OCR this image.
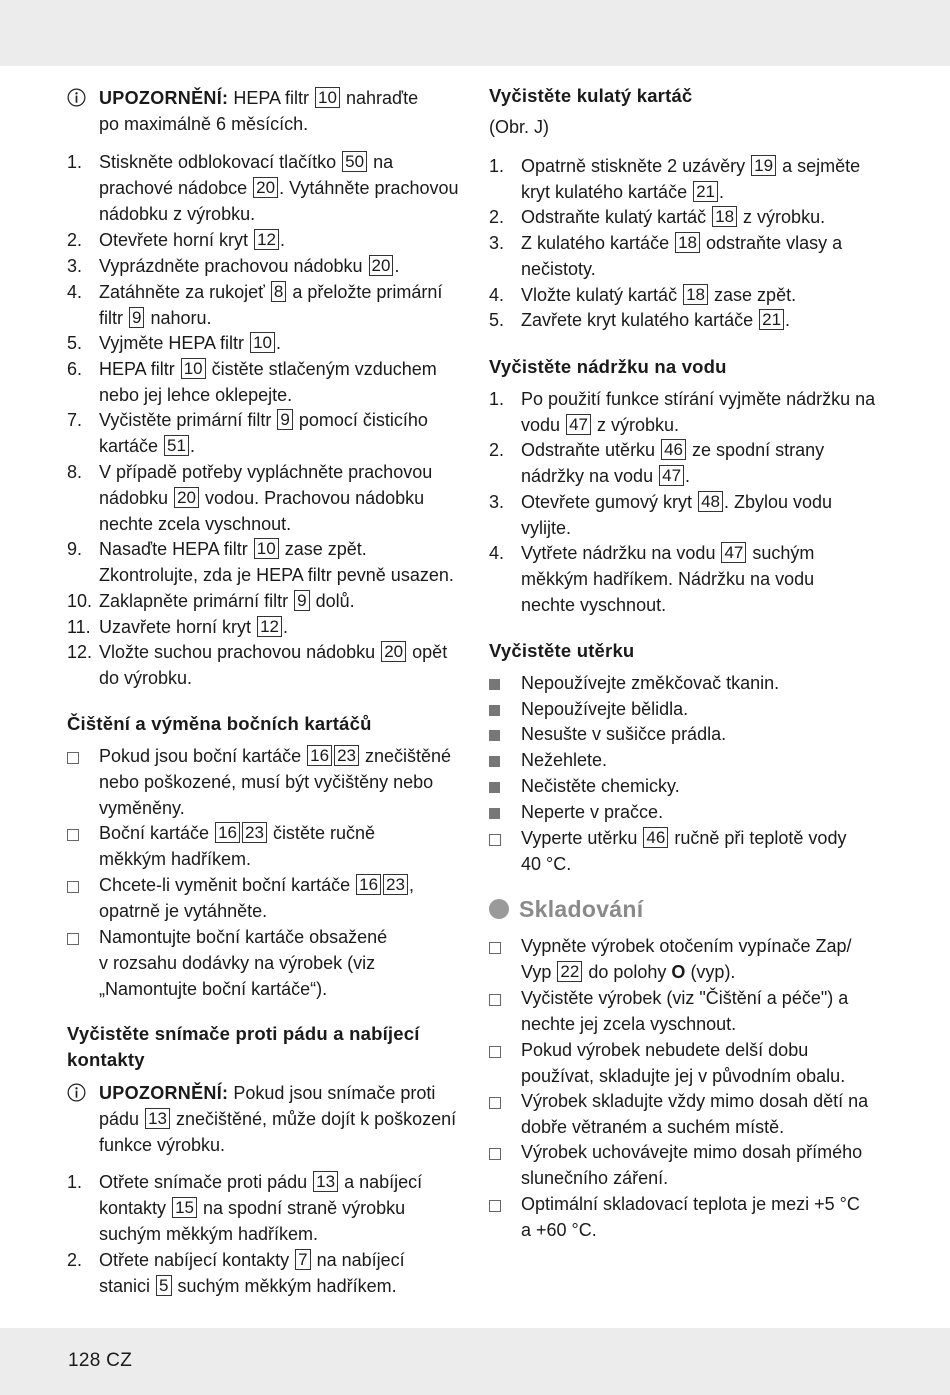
UPOZORNĚNÍ: HEPA filtr 10 nahraďte
po maximálně 6 měsících.
1. Stiskněte odblokovací tlačítko 50 na
prachové nádobce 20 . Vytáhněte prachovou
nádobku z výrobku.
2. Otevřete horní kryt 12 .
3. Vyprázdněte prachovou nádobku 20 .
4. Zatáhněte za rukojeť 8 a přeložte primární
filtr 9 nahoru.
5. Vyjměte HEPA filtr 10 .
6. HEPA filtr 10 čistěte stlačeným vzduchem
nebo jej lehce oklepejte.
7. Vyčistěte primární filtr 9 pomocí čisticího
kartáče 51 .
8. V případě potřeby vypláchněte prachovou
nádobku 20 vodou. Prachovou nádobku
nechte zcela vyschnout.
9. Nasaďte HEPA filtr 10 zase zpět.
Zkontrolujte, zda je HEPA filtr pevně usazen.
10. Zaklapněte primární filtr 9 dolů.
11. Uzavřete horní kryt 12 .
12. Vložte suchou prachovou nádobku 20 opět
do výrobku.
Čištění a výměna bočních kartáčů
Pokud jsou boční kartáče 16 23 znečištěné
nebo poškozené, musí být vyčištěny nebo
vyměněny.
Boční kartáče 16 23 čistěte ručně
měkkým hadříkem.
Chcete-li vyměnit boční kartáče 16 23 ,
opatrně je vytáhněte.
Namontujte boční kartáče obsažené
v rozsahu dodávky na výrobek (viz
„Namontujte boční kartáče“).
Vyčistěte snímače proti pádu a nabíjecí
kontakty
UPOZORNĚNÍ: Pokud jsou snímače proti
pádu 13 znečištěné, může dojít k poškození
funkce výrobku.
1. Otřete snímače proti pádu 13 a nabíjecí
kontakty 15 na spodní straně výrobku
suchým měkkým hadříkem.
2. Otřete nabíjecí kontakty 7 na nabíjecí
stanici 5 suchým měkkým hadříkem.
Vyčistěte kulatý kartáč
(Obr. J)
1. Opatrně stiskněte 2 uzávěry 19 a sejměte
kryt kulatého kartáče 21 .
2. Odstraňte kulatý kartáč 18 z výrobku.
3. Z kulatého kartáče 18 odstraňte vlasy a
nečistoty.
4. Vložte kulatý kartáč 18 zase zpět.
5. Zavřete kryt kulatého kartáče 21 .
Vyčistěte nádržku na vodu
1. Po použití funkce stírání vyjměte nádržku na
vodu 47 z výrobku.
2. Odstraňte utěrku 46 ze spodní strany
nádržky na vodu 47 .
3. Otevřete gumový kryt 48 . Zbylou vodu
vylijte.
4. Vytřete nádržku na vodu 47 suchým
měkkým hadříkem. Nádržku na vodu
nechte vyschnout.
Vyčistěte utěrku
Nepoužívejte změkčovač tkanin.
Nepoužívejte bělidla.
Nesušte v sušičce prádla.
Nežehlete.
Nečistěte chemicky.
Neperte v pračce.
Vyperte utěrku 46 ručně při teplotě vody
40 °C.
Skladování
Vypněte výrobek otočením vypínače Zap/
Vyp 22 do polohy O (vyp).
Vyčistěte výrobek (viz "Čištění a péče") a
nechte jej zcela vyschnout.
Pokud výrobek nebudete delší dobu
používat, skladujte jej v původním obalu.
Výrobek skladujte vždy mimo dosah dětí na
dobře větraném a suchém místě.
Výrobek uchovávejte mimo dosah přímého
slunečního záření.
Optimální skladovací teplota je mezi +5 °C
a +60 °C.
128 CZ
